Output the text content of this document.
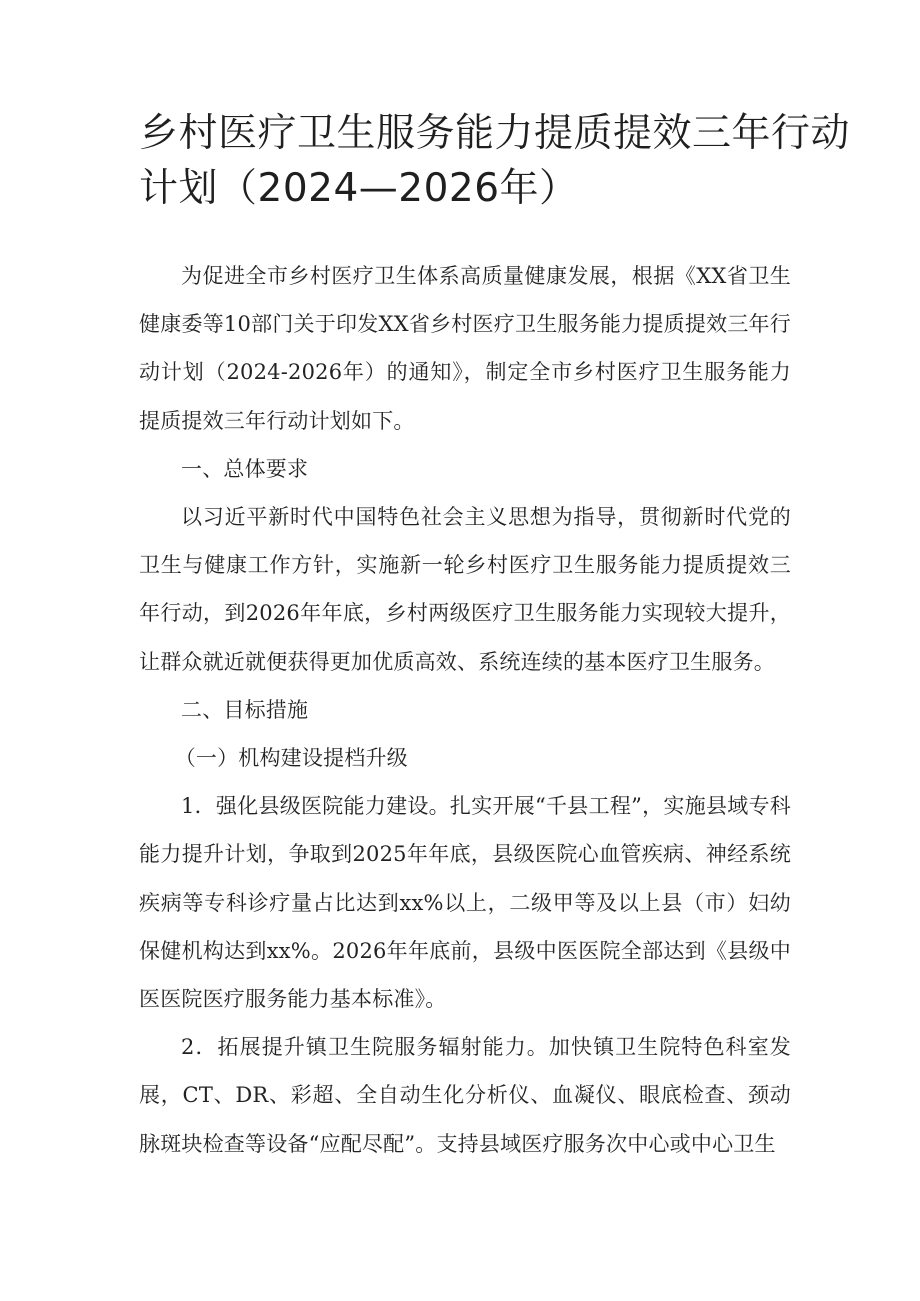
乡村医疗卫生服务能力提质提效三年行动
计划（2024—2026年）

为促进全市乡村医疗卫生体系高质量健康发展，根据《XX省卫生健康委等10部门关于印发XX省乡村医疗卫生服务能力提质提效三年行动计划（2024-2026年）的通知》，制定全市乡村医疗卫生服务能力提质提效三年行动计划如下。

一、总体要求

以习近平新时代中国特色社会主义思想为指导，贯彻新时代党的卫生与健康工作方针，实施新一轮乡村医疗卫生服务能力提质提效三年行动，到2026年年底，乡村两级医疗卫生服务能力实现较大提升，让群众就近就便获得更加优质高效、系统连续的基本医疗卫生服务。

二、目标措施
（一）机构建设提档升级

1．强化县级医院能力建设。扎实开展“千县工程”，实施县域专科能力提升计划，争取到2025年年底，县级医院心血管疾病、神经系统疾病等专科诊疗量占比达到xx%以上，二级甲等及以上县（市）妇幼保健机构达到xx%。2026年年底前，县级中医医院全部达到《县级中医医院医疗服务能力基本标准》。

2．拓展提升镇卫生院服务辐射能力。加快镇卫生院特色科室发展，CT、DR、彩超、全自动生化分析仪、血凝仪、眼底检查、颈动脉斑块检查等设备“应配尽配”。支持县域医疗服务次中心或中心卫生
